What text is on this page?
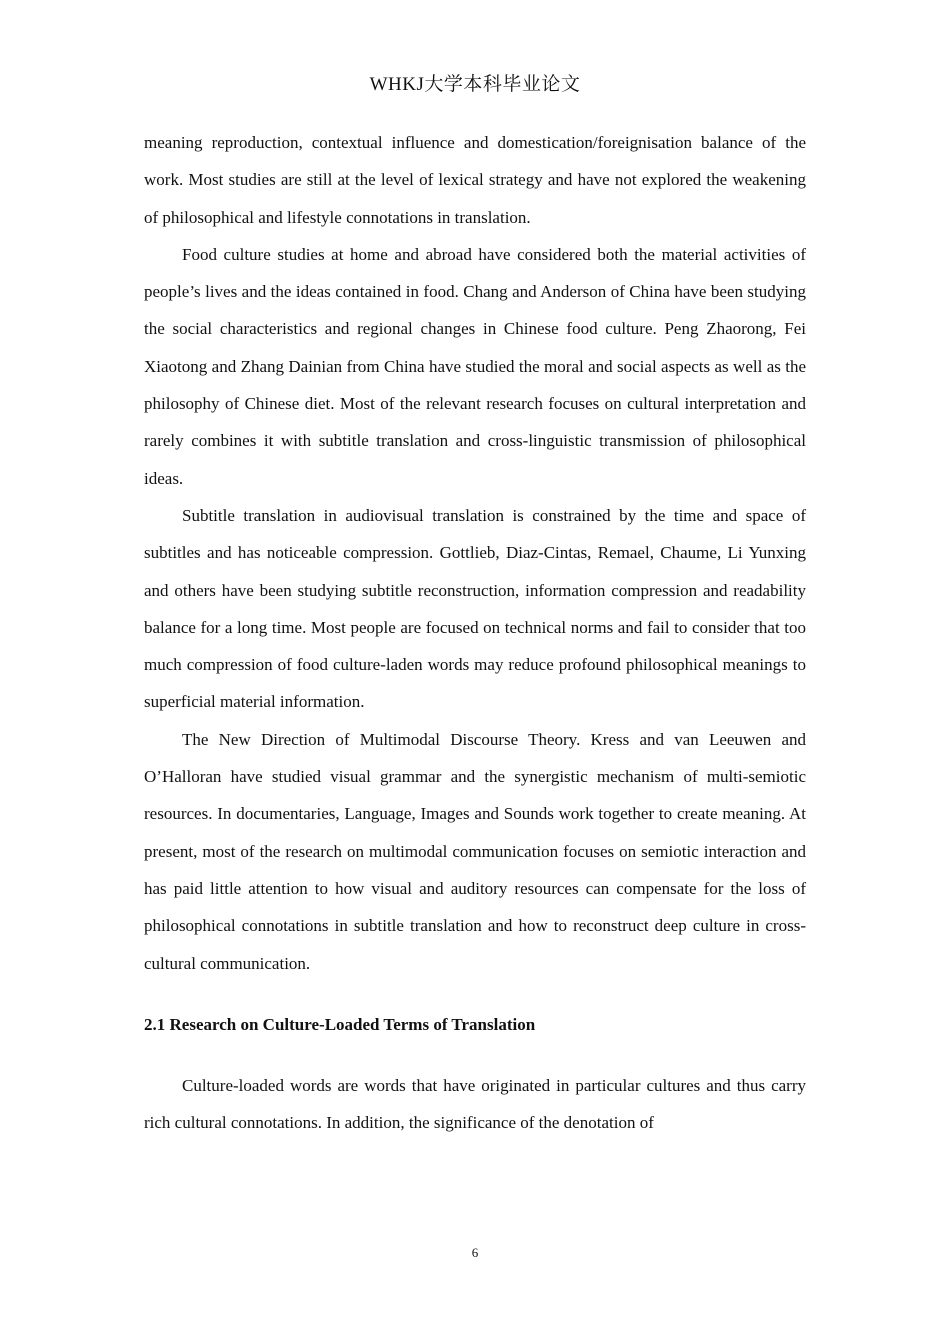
WHKJ大学本科毕业论文

meaning reproduction, contextual influence and domestication/foreignisation balance of the work. Most studies are still at the level of lexical strategy and have not explored the weakening of philosophical and lifestyle connotations in translation.

Food culture studies at home and abroad have considered both the material activities of people’s lives and the ideas contained in food. Chang and Anderson of China have been studying the social characteristics and regional changes in Chinese food culture. Peng Zhaorong, Fei Xiaotong and Zhang Dainian from China have studied the moral and social aspects as well as the philosophy of Chinese diet. Most of the relevant research focuses on cultural interpretation and rarely combines it with subtitle translation and cross-linguistic transmission of philosophical ideas.

Subtitle translation in audiovisual translation is constrained by the time and space of subtitles and has noticeable compression. Gottlieb, Diaz-Cintas, Remael, Chaume, Li Yunxing and others have been studying subtitle reconstruction, information compression and readability balance for a long time. Most people are focused on technical norms and fail to consider that too much compression of food culture-laden words may reduce profound philosophical meanings to superficial material information.

The New Direction of Multimodal Discourse Theory. Kress and van Leeuwen and O’Halloran have studied visual grammar and the synergistic mechanism of multi-semiotic resources. In documentaries, Language, Images and Sounds work together to create meaning. At present, most of the research on multimodal communication focuses on semiotic interaction and has paid little attention to how visual and auditory resources can compensate for the loss of philosophical connotations in subtitle translation and how to reconstruct deep culture in cross-cultural communication.

2.1 Research on Culture-Loaded Terms of Translation

Culture-loaded words are words that have originated in particular cultures and thus carry rich cultural connotations. In addition, the significance of the denotation of

6
